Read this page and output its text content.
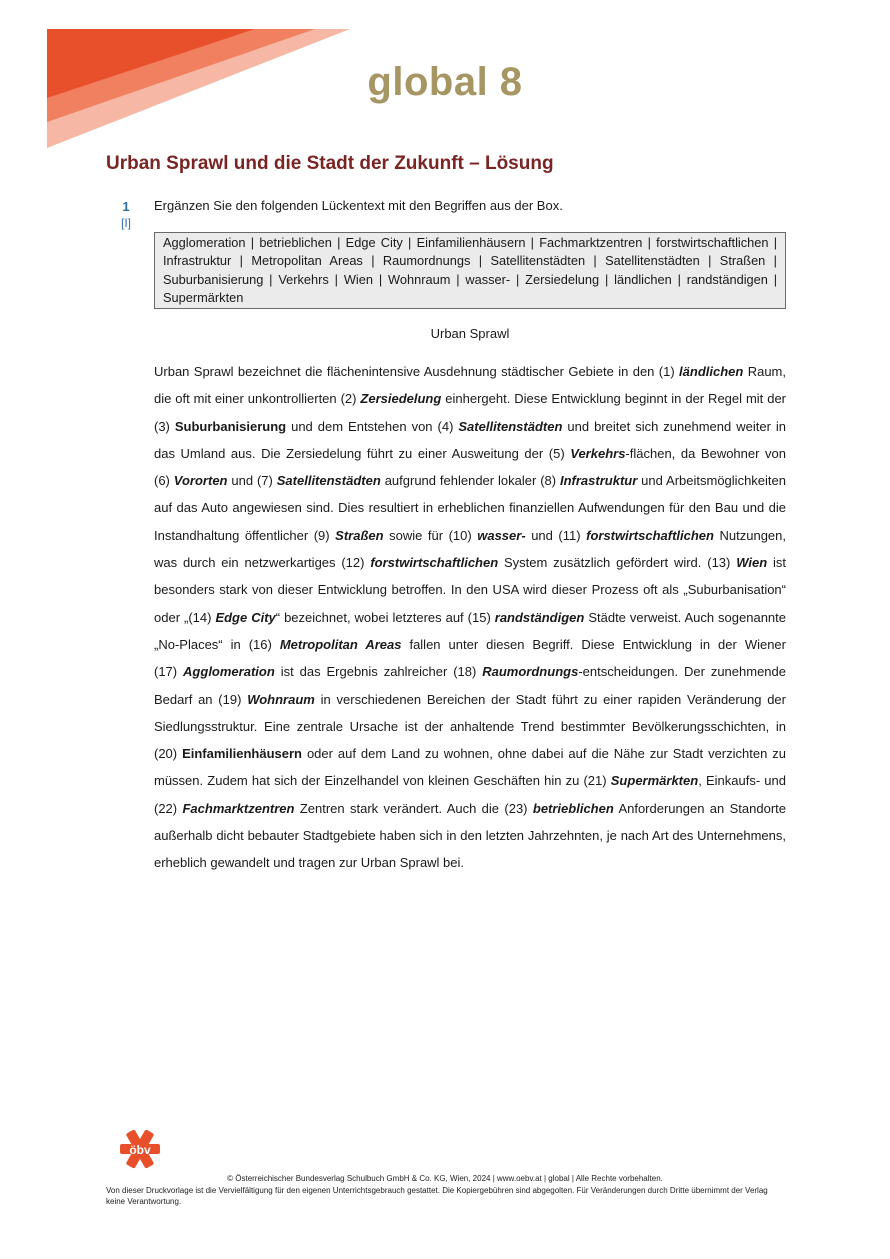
global 8
Urban Sprawl und die Stadt der Zukunft – Lösung
1
[I]
Ergänzen Sie den folgenden Lückentext mit den Begriffen aus der Box.
Agglomeration | betrieblichen | Edge City | Einfamilienhäusern | Fachmarktzentren | forstwirtschaftlichen | Infrastruktur | Metropolitan Areas | Raumordnungs | Satellitenstädten | Satellitenstädten | Straßen | Suburbanisierung | Verkehrs | Wien | Wohnraum | wasser- | Zersiedelung | ländlichen | randständigen | Supermärkten
Urban Sprawl

Urban Sprawl bezeichnet die flächenintensive Ausdehnung städtischer Gebiete in den (1) ländlichen Raum, die oft mit einer unkontrollierten (2) Zersiedelung einhergeht. Diese Entwicklung beginnt in der Regel mit der (3) Suburbanisierung und dem Entstehen von (4) Satellitenstädten und breitet sich zunehmend weiter in das Umland aus. Die Zersiedelung führt zu einer Ausweitung der (5) Verkehrs-flächen, da Bewohner von (6) Vororten und (7) Satellitenstädten aufgrund fehlender lokaler (8) Infrastruktur und Arbeitsmöglichkeiten auf das Auto angewiesen sind. Dies resultiert in erheblichen finanziellen Aufwendungen für den Bau und die Instandhaltung öffentlicher (9) Straßen sowie für (10) wasser- und (11) forstwirtschaftlichen Nutzungen, was durch ein netzwerkartiges (12) forstwirtschaftlichen System zusätzlich gefördert wird. (13) Wien ist besonders stark von dieser Entwicklung betroffen. In den USA wird dieser Prozess oft als „Suburbanisation“ oder „(14) Edge City“ bezeichnet, wobei letzteres auf (15) randständigen Städte verweist. Auch sogenannte „No-Places“ in (16) Metropolitan Areas fallen unter diesen Begriff. Diese Entwicklung in der Wiener (17) Agglomeration ist das Ergebnis zahlreicher (18) Raumordnungs-entscheidungen. Der zunehmende Bedarf an (19) Wohnraum in verschiedenen Bereichen der Stadt führt zu einer rapiden Veränderung der Siedlungsstruktur. Eine zentrale Ursache ist der anhaltende Trend bestimmter Bevölkerungsschichten, in (20) Einfamilienhäusern oder auf dem Land zu wohnen, ohne dabei auf die Nähe zur Stadt verzichten zu müssen. Zudem hat sich der Einzelhandel von kleinen Geschäften hin zu (21) Supermärkten, Einkaufs- und (22) Fachmarktzentren Zentren stark verändert. Auch die (23) betrieblichen Anforderungen an Standorte außerhalb dicht bebauter Stadtgebiete haben sich in den letzten Jahrzehnten, je nach Art des Unternehmens, erheblich gewandelt und tragen zur Urban Sprawl bei.

öbv
© Österreichischer Bundesverlag Schulbuch GmbH & Co. KG, Wien, 2024 | www.oebv.at | global | Alle Rechte vorbehalten.
Von dieser Druckvorlage ist die Vervielfältigung für den eigenen Unterrichtsgebrauch gestattet. Die Kopiergebühren sind abgegolten. Für Veränderungen durch Dritte übernimmt der Verlag keine Verantwortung.
